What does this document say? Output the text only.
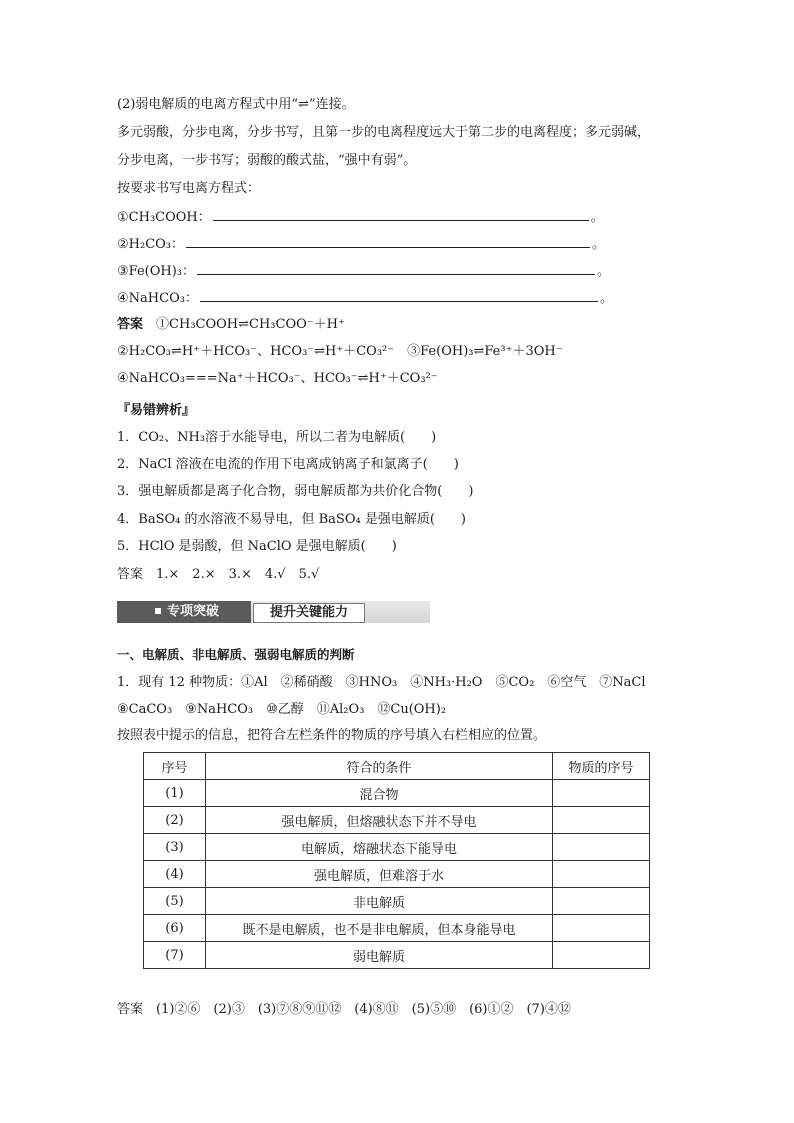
(2)弱电解质的电离方程式中用“⇌”连接。
多元弱酸，分步电离，分步书写，且第一步的电离程度远大于第二步的电离程度；多元弱碱，
分步电离，一步书写；弱酸的酸式盐，“强中有弱”。
按要求书写电离方程式：
①CH₃COOH：	。
②H₂CO₃：	。
③Fe(OH)₃：	。
④NaHCO₃：	。
答案　 ①CH₃COOH⇌CH₃COO⁻＋H⁺
②H₂CO₃⇌H⁺＋HCO₃⁻、HCO₃⁻⇌H⁺＋CO₃²⁻　③Fe(OH)₃⇌Fe³⁺＋3OH⁻
④NaHCO₃===Na⁺＋HCO₃⁻、HCO₃⁻⇌H⁺＋CO₃²⁻
『易错辨析』
1．CO₂、NH₃溶于水能导电，所以二者为电解质(　　)
2．NaCl 溶液在电流的作用下电离成钠离子和氯离子(　　)
3．强电解质都是离子化合物，弱电解质都为共价化合物(　　)
4．BaSO₄ 的水溶液不易导电，但 BaSO₄ 是强电解质(　　)
5．HClO 是弱酸，但 NaClO 是强电解质(　　)
答案　1.×　2.×　3.×　4.√　5.√
专项突破	提升关键能力
一、电解质、非电解质、强弱电解质的判断
1．现有 12 种物质：①Al　②稀硝酸　③HNO₃　④NH₃·H₂O　⑤CO₂　⑥空气　⑦NaCl
⑧CaCO₃　⑨NaHCO₃　⑩乙醇　⑪Al₂O₃　⑫Cu(OH)₂
按照表中提示的信息，把符合左栏条件的物质的序号填入右栏相应的位置。
序号	符合的条件	物质的序号
(1)	混合物	
(2)	强电解质，但熔融状态下并不导电	
(3)	电解质，熔融状态下能导电	
(4)	强电解质，但难溶于水	
(5)	非电解质	
(6)	既不是电解质，也不是非电解质，但本身能导电	
(7)	弱电解质	
答案　(1)②⑥　(2)③　(3)⑦⑧⑨⑪⑫　(4)⑧⑪　(5)⑤⑩　(6)①②　(7)④⑫
